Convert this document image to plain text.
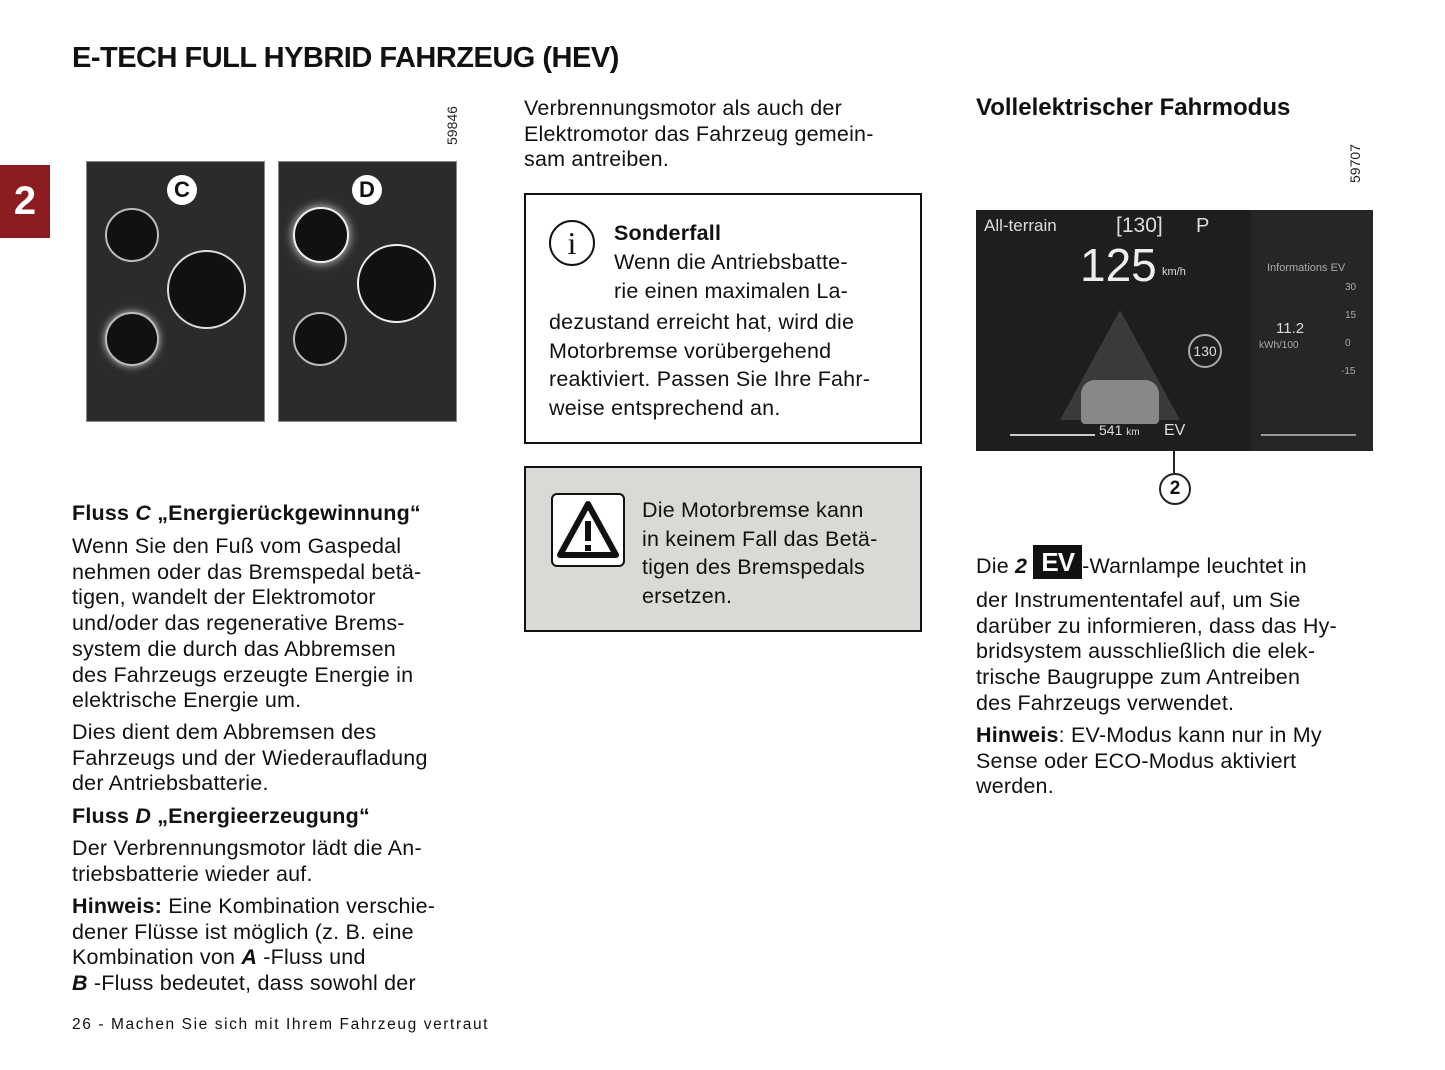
E-TECH FULL HYBRID FAHRZEUG (HEV)
2
59846
C	D
Fluss C „Energierückgewinnung“
Wenn Sie den Fuß vom Gaspedal
nehmen oder das Bremspedal betä-
tigen, wandelt der Elektromotor
und/oder das regenerative Brems-
system die durch das Abbremsen
des Fahrzeugs erzeugte Energie in
elektrische Energie um.
Dies dient dem Abbremsen des
Fahrzeugs und der Wiederaufladung
der Antriebsbatterie.
Fluss D „Energieerzeugung“
Der Verbrennungsmotor lädt die An-
triebsbatterie wieder auf.
Hinweis: Eine Kombination verschie-
dener Flüsse ist möglich (z. B. eine
Kombination von A -Fluss und
B -Fluss bedeutet, dass sowohl der
Verbrennungsmotor als auch der
Elektromotor das Fahrzeug gemein-
sam antreiben.
i	Sonderfall
Wenn die Antriebsbatte-
rie einen maximalen La-
dezustand erreicht hat, wird die
Motorbremse vorübergehend
reaktiviert. Passen Sie Ihre Fahr-
weise entsprechend an.
Die Motorbremse kann
in keinem Fall das Betä-
tigen des Bremspedals
ersetzen.
Vollelektrischer Fahrmodus
59707
All-terrain	[130] P
125 km/h
130
Informations EV
30
15
0
-15
11.2
kWh/100
541 km EV
2
Die 2 EV -Warnlampe leuchtet in
der Instrumententafel auf, um Sie
darüber zu informieren, dass das Hy-
bridsystem ausschließlich die elek-
trische Baugruppe zum Antreiben
des Fahrzeugs verwendet.
Hinweis: EV-Modus kann nur in My
Sense oder ECO-Modus aktiviert
werden.
26 - Machen Sie sich mit Ihrem Fahrzeug vertraut
